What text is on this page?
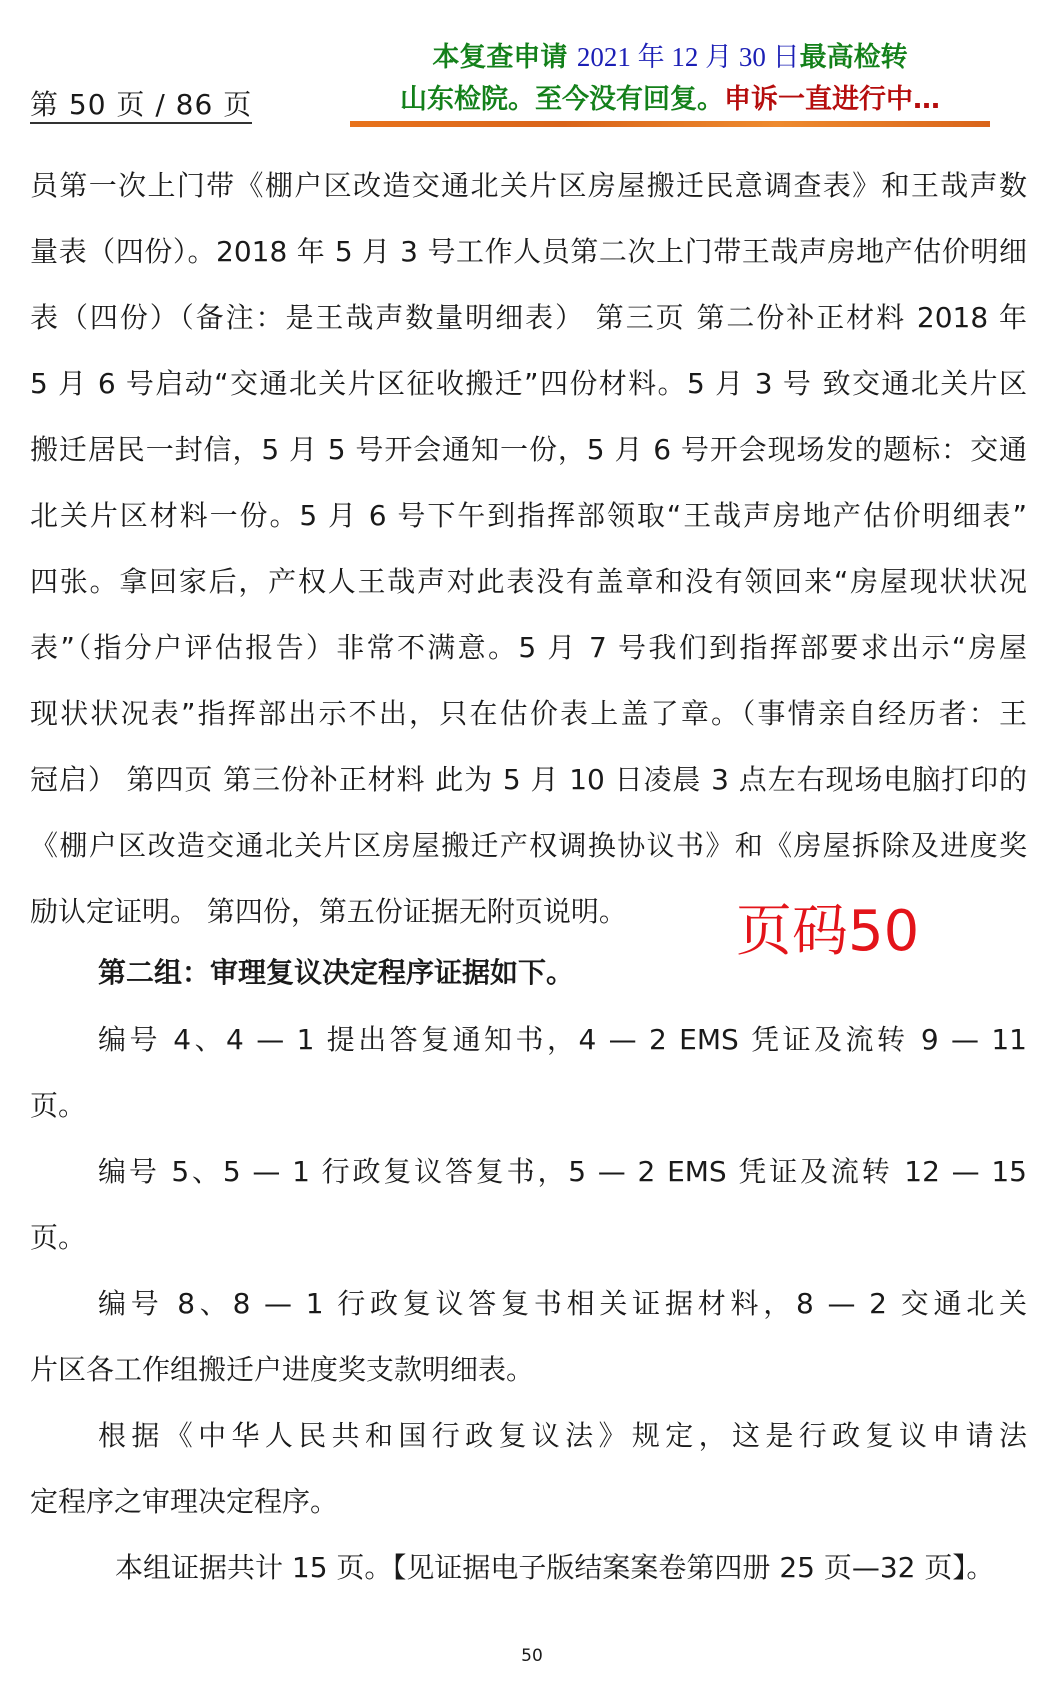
第 50 页 / 86 页
本复查申请 2021 年 12 月 30 日最高检转
山东检院。至今没有回复。申诉一直进行中…
员第一次上门带《棚户区改造交通北关片区房屋搬迁民意调查表》和王哉声数
量表（四份）。2018 年 5 月 3 号工作人员第二次上门带王哉声房地产估价明细
表（四份）（备注：是王哉声数量明细表） 第三页 第二份补正材料 2018 年
5 月 6 号启动“交通北关片区征收搬迁”四份材料。5 月 3 号 致交通北关片区
搬迁居民一封信，5 月 5 号开会通知一份，5 月 6 号开会现场发的题标：交通
北关片区材料一份。5 月 6 号下午到指挥部领取“王哉声房地产估价明细表”
四张。拿回家后，产权人王哉声对此表没有盖章和没有领回来“房屋现状状况
表”（指分户评估报告）非常不满意。5 月 7 号我们到指挥部要求出示“房屋
现状状况表”指挥部出示不出，只在估价表上盖了章。（事情亲自经历者：王
冠启） 第四页 第三份补正材料 此为 5 月 10 日凌晨 3 点左右现场电脑打印的
《棚户区改造交通北关片区房屋搬迁产权调换协议书》和《房屋拆除及进度奖
励认定证明。 第四份，第五份证据无附页说明。
第二组：审理复议决定程序证据如下。
编号 4、4 — 1 提出答复通知书，4 — 2 EMS 凭证及流转 9 — 11
页。
编号 5、5 — 1 行政复议答复书，5 — 2 EMS 凭证及流转 12 — 15
页。
编号 8、8 — 1 行政复议答复书相关证据材料，8 — 2 交通北关
片区各工作组搬迁户进度奖支款明细表。
根据《中华人民共和国行政复议法》规定，这是行政复议申请法
定程序之审理决定程序。
本组证据共计 15 页。【见证据电子版结案案卷第四册 25 页—32 页】。
页码50
50
